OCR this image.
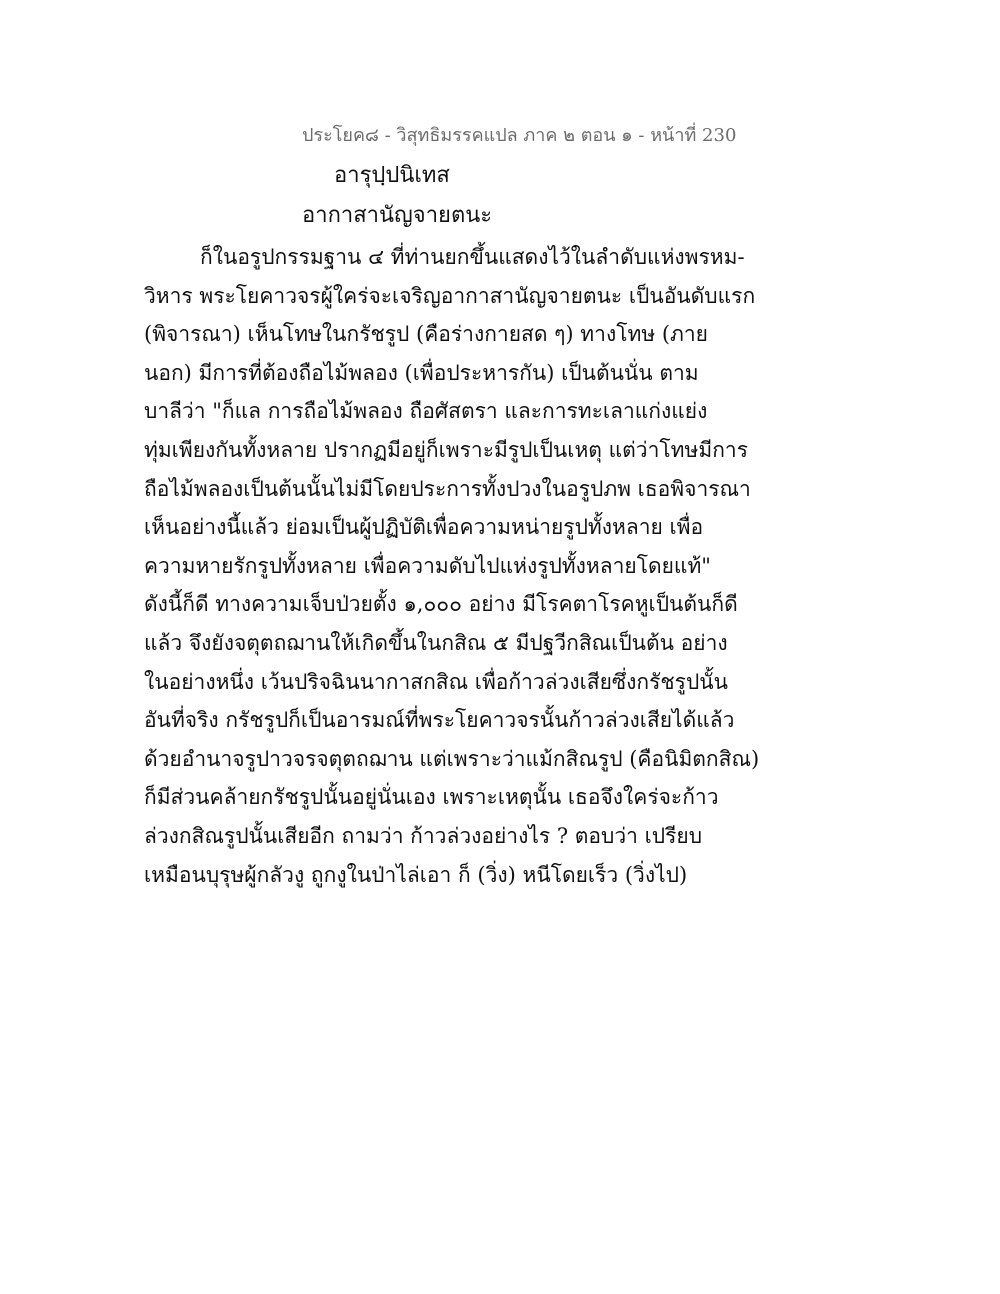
ประโยค๘ - วิสุทธิมรรคแปล ภาค ๒ ตอน ๑ - หน้าที่ 230
อารุปฺปนิเทส
อากาสานัญจายตนะ
ก็ในอรูปกรรมฐาน ๔ ที่ท่านยกขึ้นแสดงไว้ในลำดับแห่งพรหม-
วิหาร พระโยคาวจรผู้ใคร่จะเจริญอากาสานัญจายตนะ เป็นอันดับแรก
(พิจารณา) เห็นโทษในกรัชรูป (คือร่างกายสด ๆ) ทางโทษ (ภาย
นอก) มีการที่ต้องถือไม้พลอง (เพื่อประหารกัน) เป็นต้นนั่น ตาม
บาลีว่า "ก็แล การถือไม้พลอง ถือศัสตรา และการทะเลาแก่งแย่ง
ทุ่มเพียงกันทั้งหลาย ปรากฏมีอยู่ก็เพราะมีรูปเป็นเหตุ แต่ว่าโทษมีการ
ถือไม้พลองเป็นต้นนั้นไม่มีโดยประการทั้งปวงในอรูปภพ เธอพิจารณา
เห็นอย่างนี้แล้ว ย่อมเป็นผู้ปฏิบัติเพื่อความหน่ายรูปทั้งหลาย เพื่อ
ความหายรักรูปทั้งหลาย เพื่อความดับไปแห่งรูปทั้งหลายโดยแท้"
ดังนี้ก็ดี ทางความเจ็บป่วยตั้ง ๑,๐๐๐ อย่าง มีโรคตาโรคหูเป็นต้นก็ดี
แล้ว จึงยังจตุตถฌานให้เกิดขึ้นในกสิณ ๕ มีปฐวีกสิณเป็นต้น อย่าง
ในอย่างหนึ่ง เว้นปริจฉินนากาสกสิณ เพื่อก้าวล่วงเสียซึ่งกรัชรูปนั้น
อันที่จริง กรัชรูปก็เป็นอารมณ์ที่พระโยคาวจรนั้นก้าวล่วงเสียได้แล้ว
ด้วยอำนาจรูปาวจรจตุตถฌาน แต่เพราะว่าแม้กสิณรูป (คือนิมิตกสิณ)
ก็มีส่วนคล้ายกรัชรูปนั้นอยู่นั่นเอง เพราะเหตุนั้น เธอจึงใคร่จะก้าว
ล่วงกสิณรูปนั้นเสียอีก ถามว่า ก้าวล่วงอย่างไร ? ตอบว่า เปรียบ
เหมือนบุรุษผู้กลัวงู ถูกงูในป่าไล่เอา ก็ (วิ่ง) หนีโดยเร็ว (วิ่งไป)
